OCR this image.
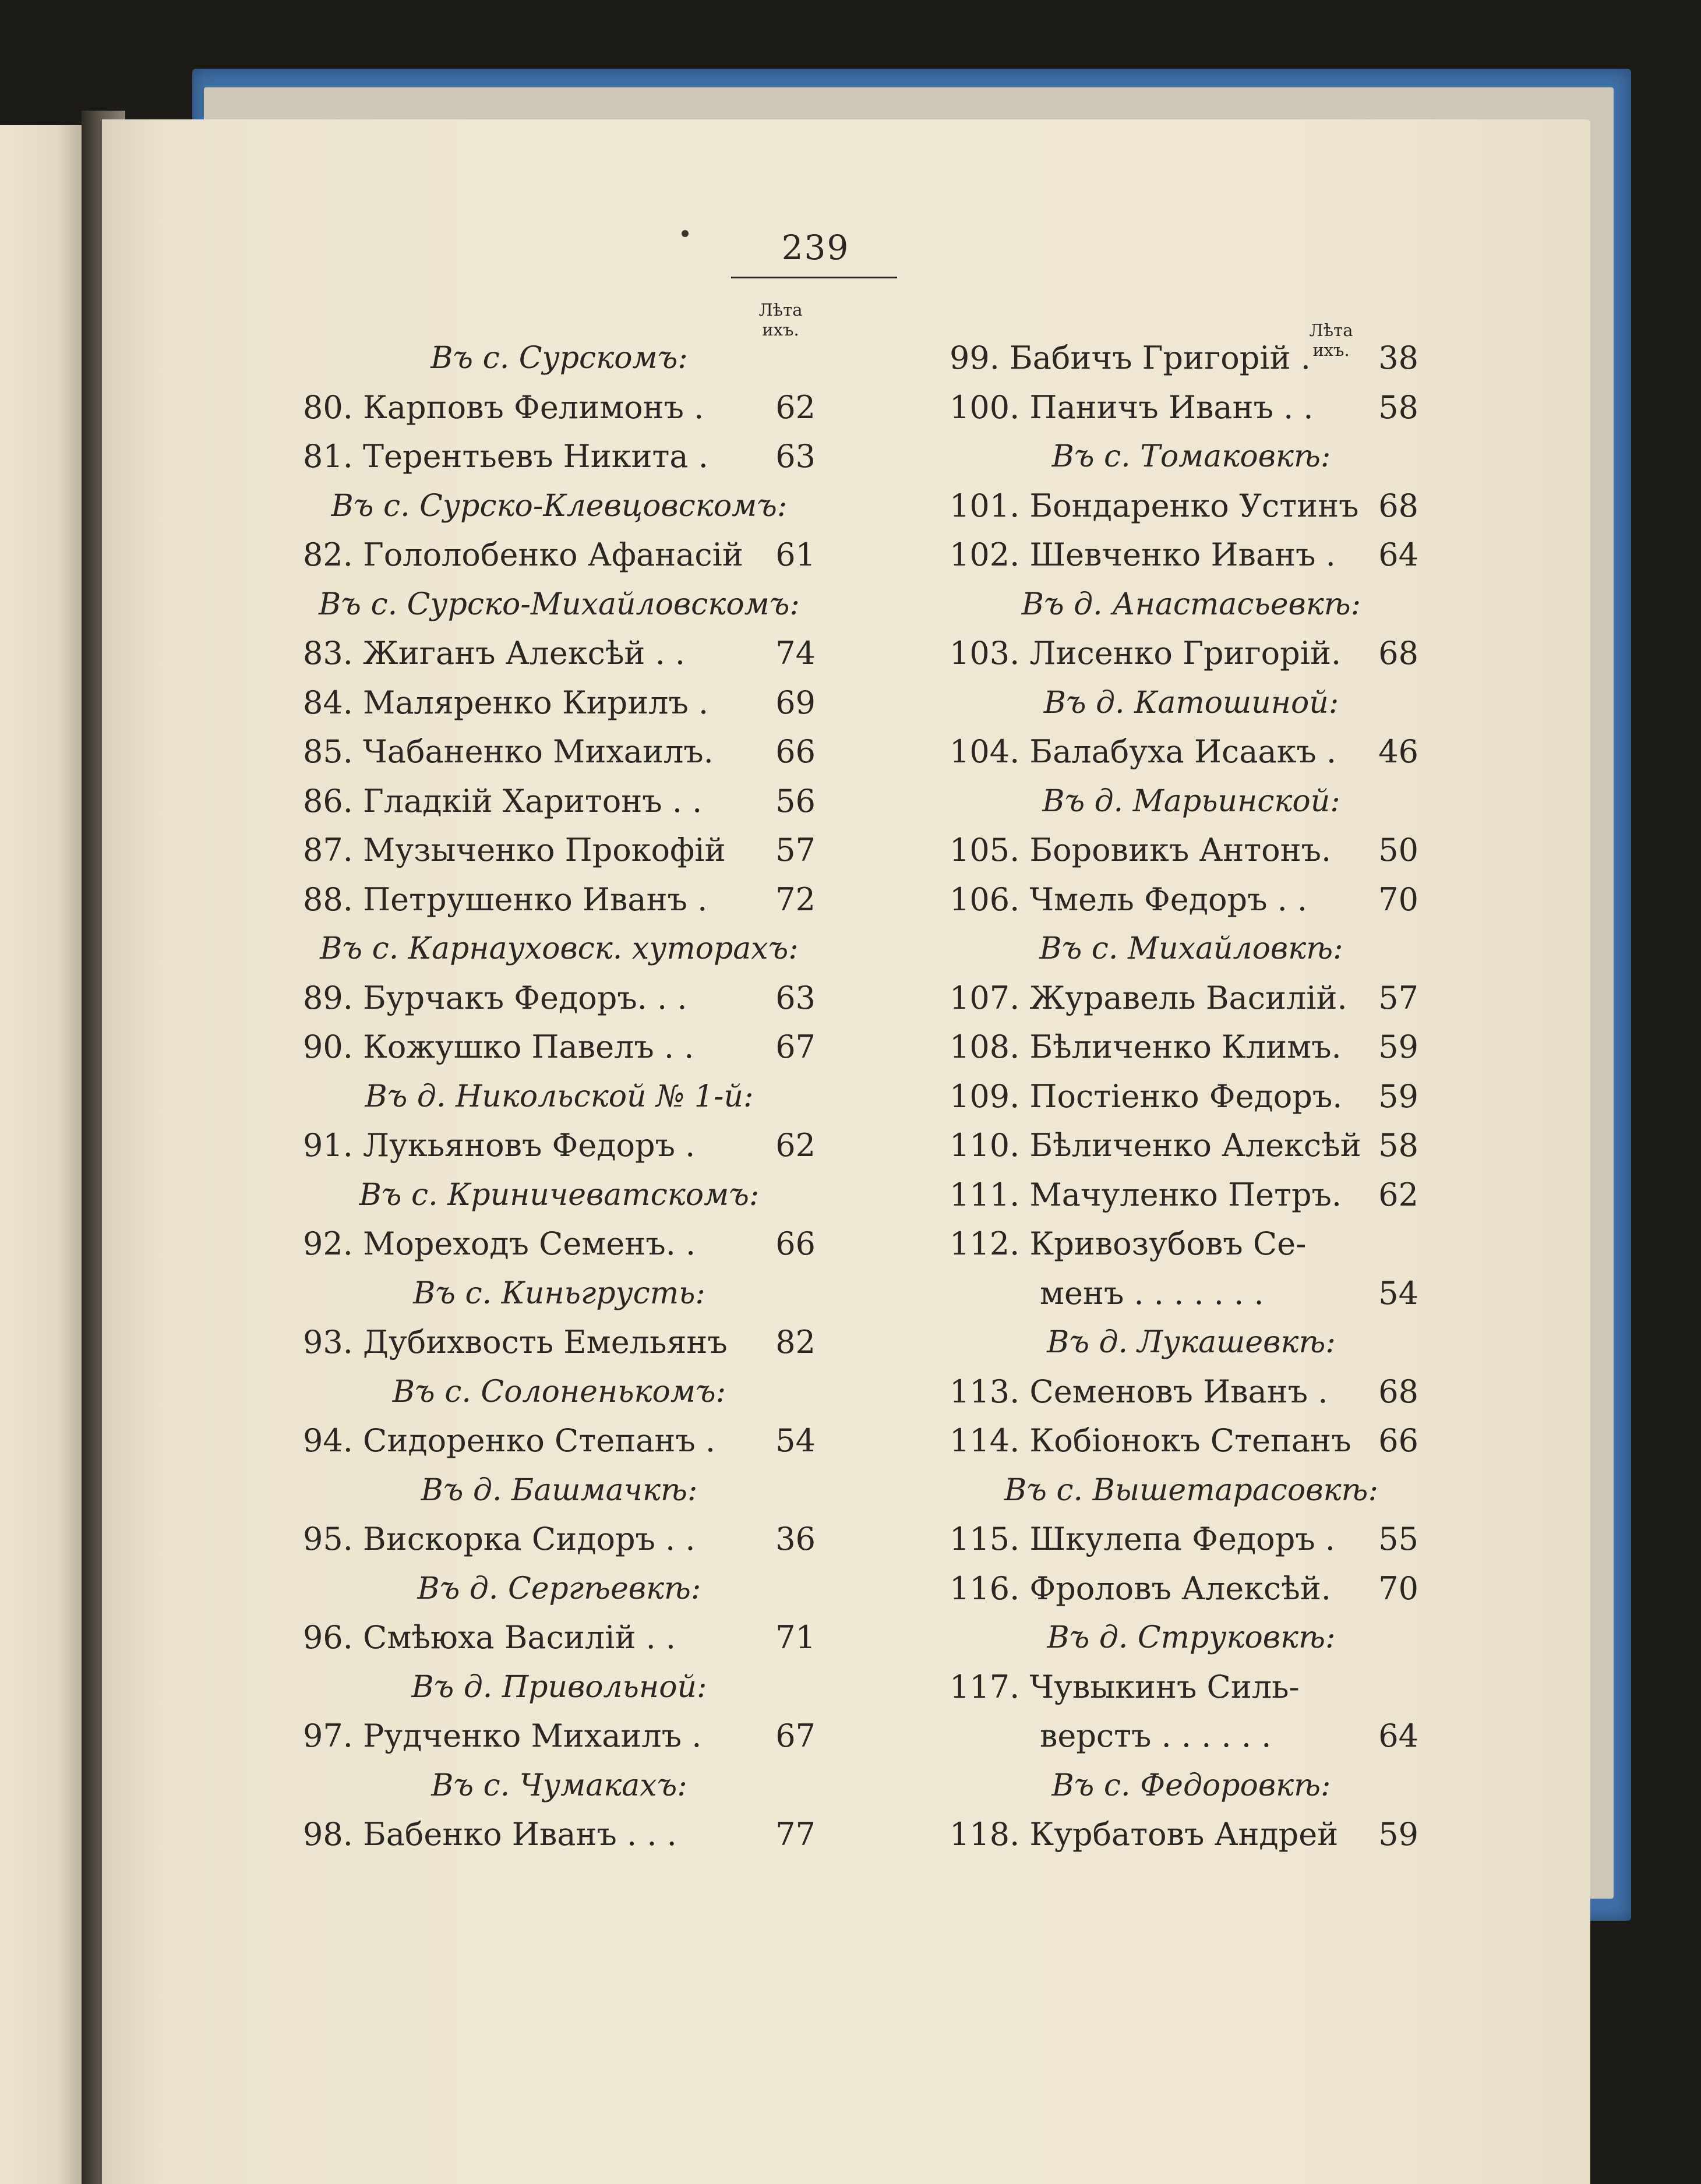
239
Лѣта
ихъ.	Лѣта
ихъ.
Въ с. Сурскомъ:
80. Карповъ Фелимонъ . 62
81. Терентьевъ Никита . 63
Въ с. Сурско-Клевцовскомъ:
82. Гололобенко Афанасій 61
Въ с. Сурско-Михайловскомъ:
83. Жиганъ Алексѣй . .	74
84. Маляренко Кирилъ . 69
85. Чабаненко Михаилъ. 66
86. Гладкій Харитонъ . . 56
87. Музыченко Прокофій 57
88. Петрушенко Иванъ . 72
Въ с. Карнауховск. хуторахъ:
89. Бурчакъ Федоръ. . .	63
90. Кожушко Павелъ . .	67
Въ д. Никольской № 1-й:
91. Лукьяновъ Федоръ .	62
Въ с. Криничеватскомъ:
92. Мореходъ Семенъ. .	66
Въ с. Киньгрусть:
93. Дубихвость Емельянъ 82
Въ с. Солоненькомъ:
94. Сидоренко Степанъ . 54
Въ д. Башмачкѣ:
95. Вискорка Сидоръ . .	36
Въ д. Сергѣевкѣ:
96. Смѣюха Василій . .	71
Въ д. Привольной:
97. Рудченко Михаилъ . 67
Въ с. Чумакахъ:
98. Бабенко Иванъ . . .	77
99. Бабичъ Григорій . 38
100. Паничъ Иванъ . . 58
Въ с. Томаковкѣ:
101. Бондаренко Устинъ 68
102. Шевченко Иванъ . 64
Въ д. Анастасьевкѣ:
103. Лисенко Григорій. 68
Въ д. Катошиной:
104. Балабуха Исаакъ . 46
Въ д. Марьинской:
105. Боровикъ Антонъ. 50
106. Чмель Федоръ . . 70
Въ с. Михайловкѣ:
107. Журавель Василій. 57
108. Бѣличенко Климъ. 59
109. Постіенко Федоръ. 59
110. Бѣличенко Алексѣй 58
111. Мачуленко Петръ. 62
112. Кривозубовъ Се-
менъ . . . . . . .	54
Въ д. Лукашевкѣ:
113. Семеновъ Иванъ . 68
114. Кобіонокъ Степанъ 66
Въ с. Вышетарасовкѣ:
115. Шкулепа Федоръ . 55
116. Фроловъ Алексѣй. 70
Въ д. Струковкѣ:
117. Чувыкинъ Силь-
верстъ . . . . . .	64
Въ с. Федоровкѣ:
118. Курбатовъ Андрей 59
